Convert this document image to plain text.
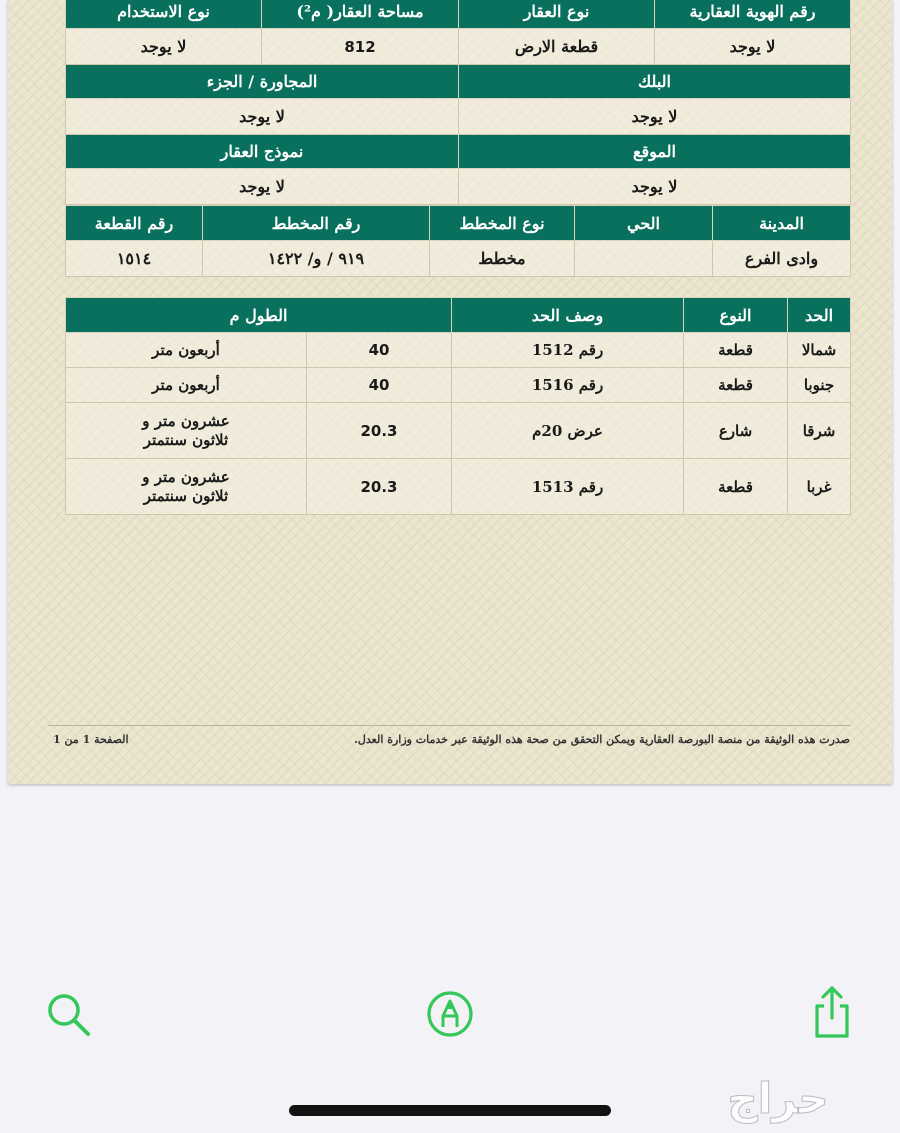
رقم الهوية العقارية	نوع العقار	مساحة العقار( م²)	نوع الاستخدام
لا يوجد	قطعة الارض	812	لا يوجد
البلك		المجاورة / الجزء	
لا يوجد		لا يوجد	
الموقع		نموذج العقار	
لا يوجد		لا يوجد	
المدينة	الحي	نوع المخطط	رقم المخطط	رقم القطعة
وادى الفرع		مخطط	٩١٩ / و/ ١٤٢٢	١٥١٤
الحد	النوع	وصف الحد	الطول م	
شمالا	قطعة	رقم 1512	40	أربعون متر
جنوبا	قطعة	رقم 1516	40	أربعون متر
شرقا	شارع	عرض 20م	20.3	عشرون متر و ثلاثون سنتمتر
غربا	قطعة	رقم 1513	20.3	عشرون متر و ثلاثون سنتمتر
صدرت هذه الوثيقة من منصة البورصة العقارية ويمكن التحقق من صحة هذه الوثيقة عبر خدمات وزارة العدل.
الصفحة 1 من 1
حراج
